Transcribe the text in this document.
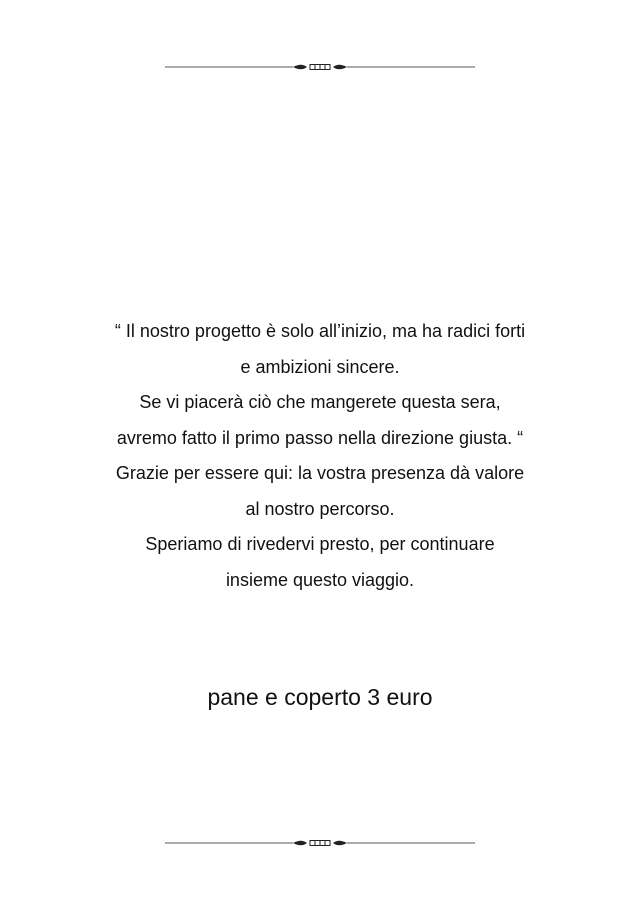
“ Il nostro progetto è solo all’inizio, ma ha radici forti
e ambizioni sincere.
Se vi piacerà ciò che mangerete questa sera,
avremo fatto il primo passo nella direzione giusta. “
Grazie per essere qui: la vostra presenza dà valore
al nostro percorso.
Speriamo di rivedervi presto, per continuare
insieme questo viaggio.
pane e coperto 3 euro
